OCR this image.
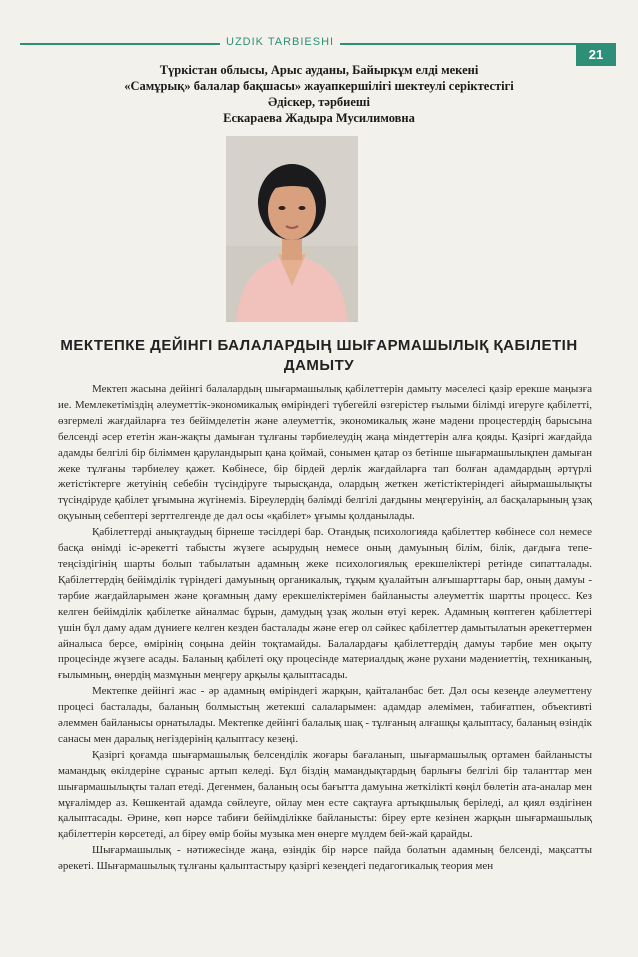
UZDIK TARBIESHI
21
Түркістан облысы, Арыс ауданы, Байыркұм елді мекені
«Самұрық» балалар бақшасы» жауапкершілігі шектеулі серіктестігі
Әдіскер, тәрбиеші
Ескараева Жадыра Мусилимовна
МЕКТЕПКЕ ДЕЙІНГІ БАЛАЛАРДЫҢ ШЫҒАРМАШЫЛЫҚ ҚАБІЛЕТІН ДАМЫТУ

Мектеп жасына дейінгі балалардың шығармашылық қабілеттерін дамыту мәселесі қазір ерекше маңызға ие. Мемлекетіміздің әлеуметтік-экономикалық өміріндегі түбегейлі өзгерістер ғылыми білімді игеруге қабілетті, өзгермелі жағдайларға тез бейімделетін және әлеуметтік, экономикалық және мәдени процестердің барысына белсенді әсер ететін жан-жақты дамыған тұлғаны тәрбиелеудің жаңа міндеттерін алға қояды. Қазіргі жағдайда адамды белгілі бір біліммен қаруландырып қана қоймай, сонымен қатар оз бетінше шығармашылықпен дамыған жеке тұлғаны тәрбиелеу қажет. Көбінесе, бір бірдей дерлік жағдайларға тап болған адамдардың әртүрлі жетістіктерге жетуінің себебін түсіндіруге тырысқанда, олардың жеткен жетістіктеріндегі айырмашылықты түсіндіруде қабілет ұғымына жүгінеміз. Біреулердің бәлімді белгілі дағдыны меңгеруінің, ал басқаларының ұзақ оқуының себептері зерттелгенде де дәл осы «қабілет» ұғымы қолданылады.

Қабілеттерді анықтаудың бірнеше тәсілдері бар. Отандық психологияда қабілеттер көбінесе сол немесе басқа өнімді іс-әрекетті табысты жүзеге асырудың немесе оның дамуының білім, білік, дағдыға тепе-теңсіздігінің шарты болып табылатын адамның жеке психологиялық ерекшеліктері ретінде сипатталады. Қабілеттердің бейімділік түріндегі дамуының органикалық, тұқым қуалайтын алғышарттары бар, оның дамуы - тәрбие жағдайларымен және қоғамның даму ерекшеліктерімен байланысты әлеуметтік шартты процесс. Кез келген бейімділік қабілетке айналмас бұрын, дамудың ұзақ жолын өтуі керек. Адамның көптеген қабілеттері үшін бұл даму адам дүниеге келген кезден басталады және егер ол сәйкес қабілеттер дамытылатын әрекеттермен айналыса берсе, өмірінің соңына дейін тоқтамайды. Балалардағы қабілеттердің дамуы тәрбие мен оқыту процесінде жүзеге асады. Баланың қабілеті оқу процесінде материалдық және рухани мәдениеттің, техниканың, ғылымның, өнердің мазмұнын меңгеру арқылы қалыптасады.

Мектепке дейінгі жас - әр адамның өміріндегі жарқын, қайталанбас бет. Дәл осы кезеңде әлеуметтену процесі басталады, баланың болмыстың жетекші салаларымен: адамдар әлемімен, табиғатпен, объективті әлеммен байланысы орнатылады. Мектепке дейінгі балалық шақ - тұлғаның алғашқы қалыптасу, баланың өзіндік санасы мен даралық негіздерінің қалыптасу кезеңі.

Қазіргі қоғамда шығармашылық белсенділік жоғары бағаланып, шығармашылық ортамен байланысты мамандық өкілдеріне сұраныс артып келеді. Бұл біздің мамандықтардың барлығы белгілі бір таланттар мен шығармашылықты талап етеді. Дегенмен, баланың осы бағытта дамуына жеткілікті көңіл бөлетін ата-аналар мен мұғалімдер аз. Көшкентай адамда сөйлеуге, ойлау мен есте сақтауға артықшылық беріледі, ал қиял өздігінен қалыптасады. Әрине, көп нәрсе табиғи бейімділікке байланысты: біреу ерте кезінен жарқын шығармашылық қабілеттерін көрсетеді, ал біреу өмір бойы музыка мен өнерге мүлдем бей-жай қарайды.

Шығармашылық - нәтижесінде жаңа, өзіндік бір нәрсе пайда болатын адамның белсенді, мақсатты әрекеті. Шығармашылық тұлғаны қалыптастыру қазіргі кезеңдегі педагогикалық теория мен
